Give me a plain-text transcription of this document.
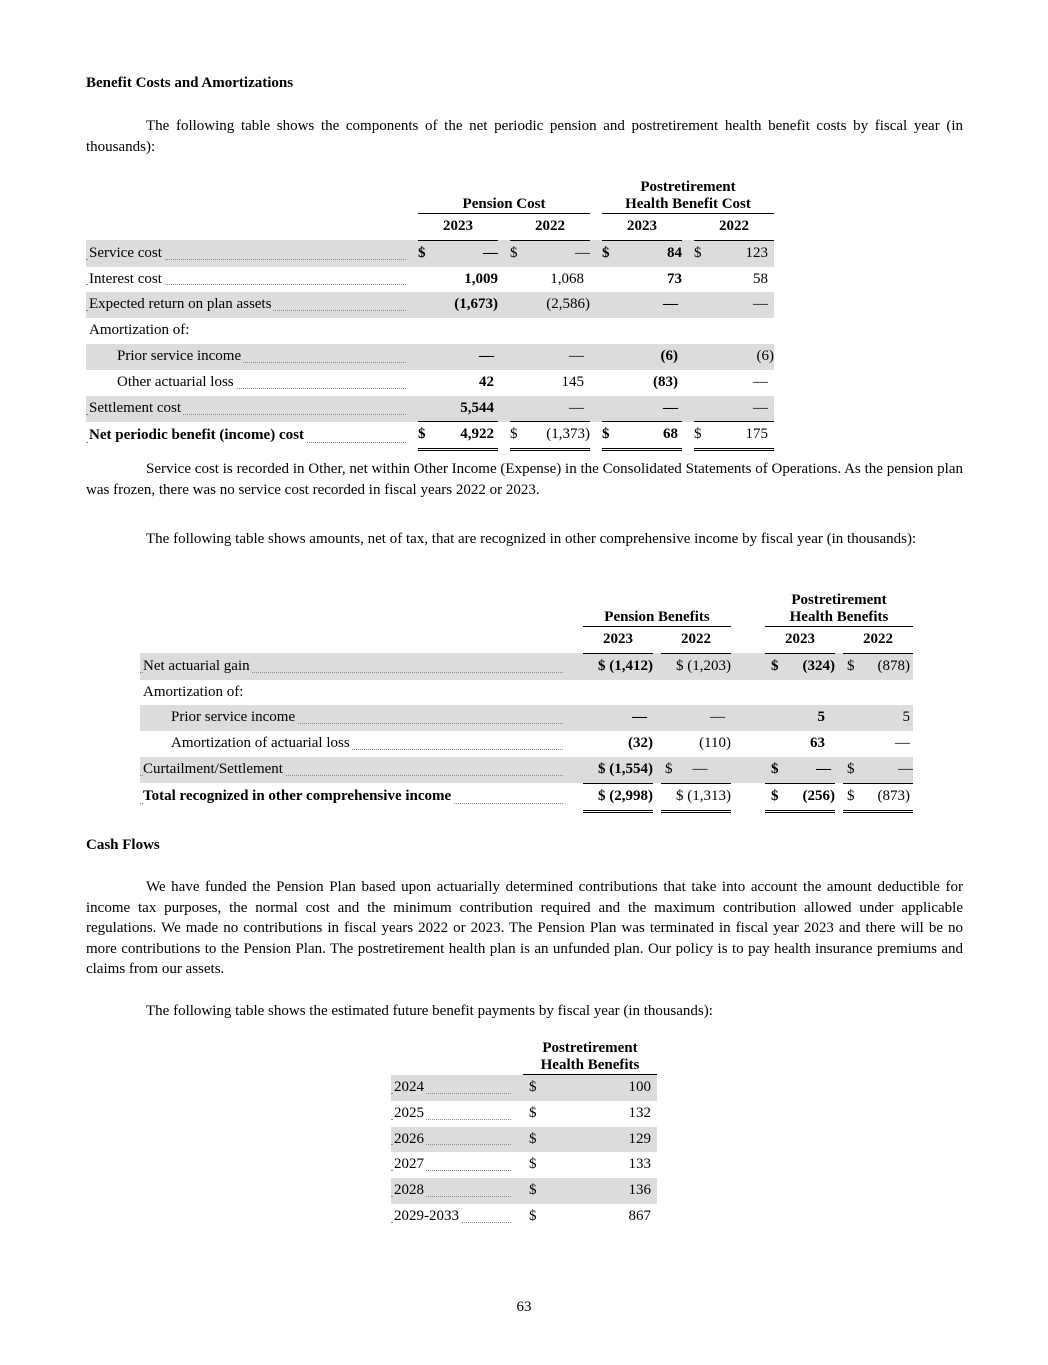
Benefit Costs and Amortizations
The following table shows the components of the net periodic pension and postretirement health benefit costs by fiscal year (in thousands):
		Pension Cost						Postretirement
Health Benefit Cost				
		2023			2022			2023			2022	

Service cost		$	—		$	—		$	84		$	123

Interest cost			1,009			1,068			73			58

Expected return on plan assets			(1,673)			(2,586)			—			—
Amortization of:												

Prior service income			—			—			(6)			(6)

Other actuarial loss			42			145			(83)			—

Settlement cost			5,544			—			—			—

Net periodic benefit (income) cost		$	4,922		$	(1,373)		$	68		$	175
Service cost is recorded in Other, net within Other Income (Expense) in the Consolidated Statements of Operations. As the pension plan was frozen, there was no service cost recorded in fiscal years 2022 or 2023.
The following table shows amounts, net of tax, that are recognized in other comprehensive income by fiscal year (in thousands):
		Pension Benefits				Postretirement
Health Benefits				
		2023		2022		2023			2022	

Net actuarial gain		$ (1,412)		$ (1,203)		$	(324)		$	(878)
Amortization of:										

Prior service income		—		—			5			5

Amortization of actuarial loss		(32)		(110)			63			—

Curtailment/Settlement		$ (1,554)		$ —		$	—		$	—

Total recognized in other comprehensive income		$ (2,998)		$ (1,313)		$	(256)		$	(873)
Cash Flows
We have funded the Pension Plan based upon actuarially determined contributions that take into account the amount deductible for income tax purposes, the normal cost and the minimum contribution required and the maximum contribution allowed under applicable regulations. We made no contributions in fiscal years 2022 or 2023. The Pension Plan was terminated in fiscal year 2023 and there will be no more contributions to the Pension Plan. The postretirement health plan is an unfunded plan. Our policy is to pay health insurance premiums and claims from our assets.
The following table shows the estimated future benefit payments by fiscal year (in thousands):
		Postretirement
Health Benefits	

2024		$	100

2025		$	132

2026		$	129

2027		$	133

2028		$	136

2029-2033		$	867
63
